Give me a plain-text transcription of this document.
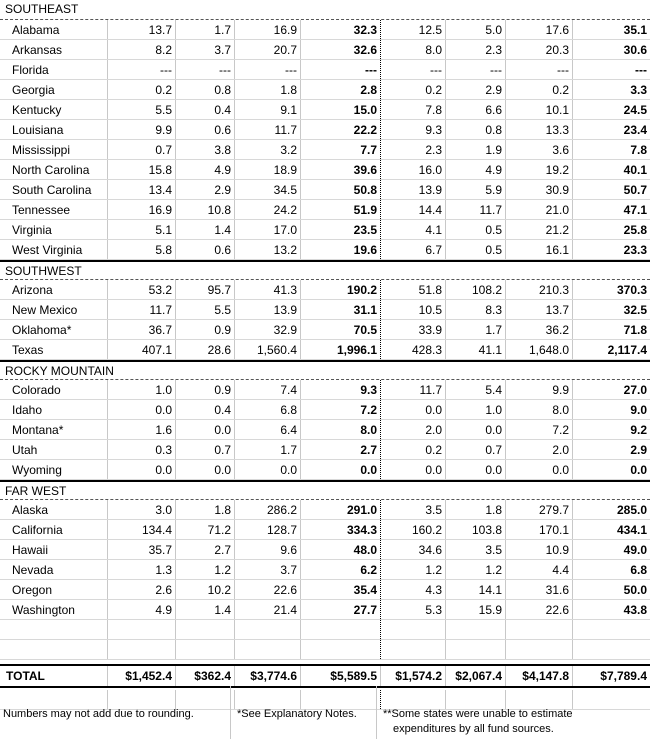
SOUTHEAST
Alabama	13.7	1.7	16.9	32.3	12.5	5.0	17.6	35.1
Arkansas	8.2	3.7	20.7	32.6	8.0	2.3	20.3	30.6
Florida	---	---	---	---	---	---	---	---
Georgia	0.2	0.8	1.8	2.8	0.2	2.9	0.2	3.3
Kentucky	5.5	0.4	9.1	15.0	7.8	6.6	10.1	24.5
Louisiana	9.9	0.6	11.7	22.2	9.3	0.8	13.3	23.4
Mississippi	0.7	3.8	3.2	7.7	2.3	1.9	3.6	7.8
North Carolina	15.8	4.9	18.9	39.6	16.0	4.9	19.2	40.1
South Carolina	13.4	2.9	34.5	50.8	13.9	5.9	30.9	50.7
Tennessee	16.9	10.8	24.2	51.9	14.4	11.7	21.0	47.1
Virginia	5.1	1.4	17.0	23.5	4.1	0.5	21.2	25.8
West Virginia	5.8	0.6	13.2	19.6	6.7	0.5	16.1	23.3
SOUTHWEST
Arizona	53.2	95.7	41.3	190.2	51.8	108.2	210.3	370.3
New Mexico	11.7	5.5	13.9	31.1	10.5	8.3	13.7	32.5
Oklahoma*	36.7	0.9	32.9	70.5	33.9	1.7	36.2	71.8
Texas	407.1	28.6	1,560.4	1,996.1	428.3	41.1	1,648.0	2,117.4
ROCKY MOUNTAIN
Colorado	1.0	0.9	7.4	9.3	11.7	5.4	9.9	27.0
Idaho	0.0	0.4	6.8	7.2	0.0	1.0	8.0	9.0
Montana*	1.6	0.0	6.4	8.0	2.0	0.0	7.2	9.2
Utah	0.3	0.7	1.7	2.7	0.2	0.7	2.0	2.9
Wyoming	0.0	0.0	0.0	0.0	0.0	0.0	0.0	0.0
FAR WEST
Alaska	3.0	1.8	286.2	291.0	3.5	1.8	279.7	285.0
California	134.4	71.2	128.7	334.3	160.2	103.8	170.1	434.1
Hawaii	35.7	2.7	9.6	48.0	34.6	3.5	10.9	49.0
Nevada	1.3	1.2	3.7	6.2	1.2	1.2	4.4	6.8
Oregon	2.6	10.2	22.6	35.4	4.3	14.1	31.6	50.0
Washington	4.9	1.4	21.4	27.7	5.3	15.9	22.6	43.8
TOTAL	$1,452.4	$362.4	$3,774.6	$5,589.5	$1,574.2	$2,067.4	$4,147.8	$7,789.4
Numbers may not add due to rounding.	*See Explanatory Notes. **Some states were unable to estimate
expenditures by all fund sources.
